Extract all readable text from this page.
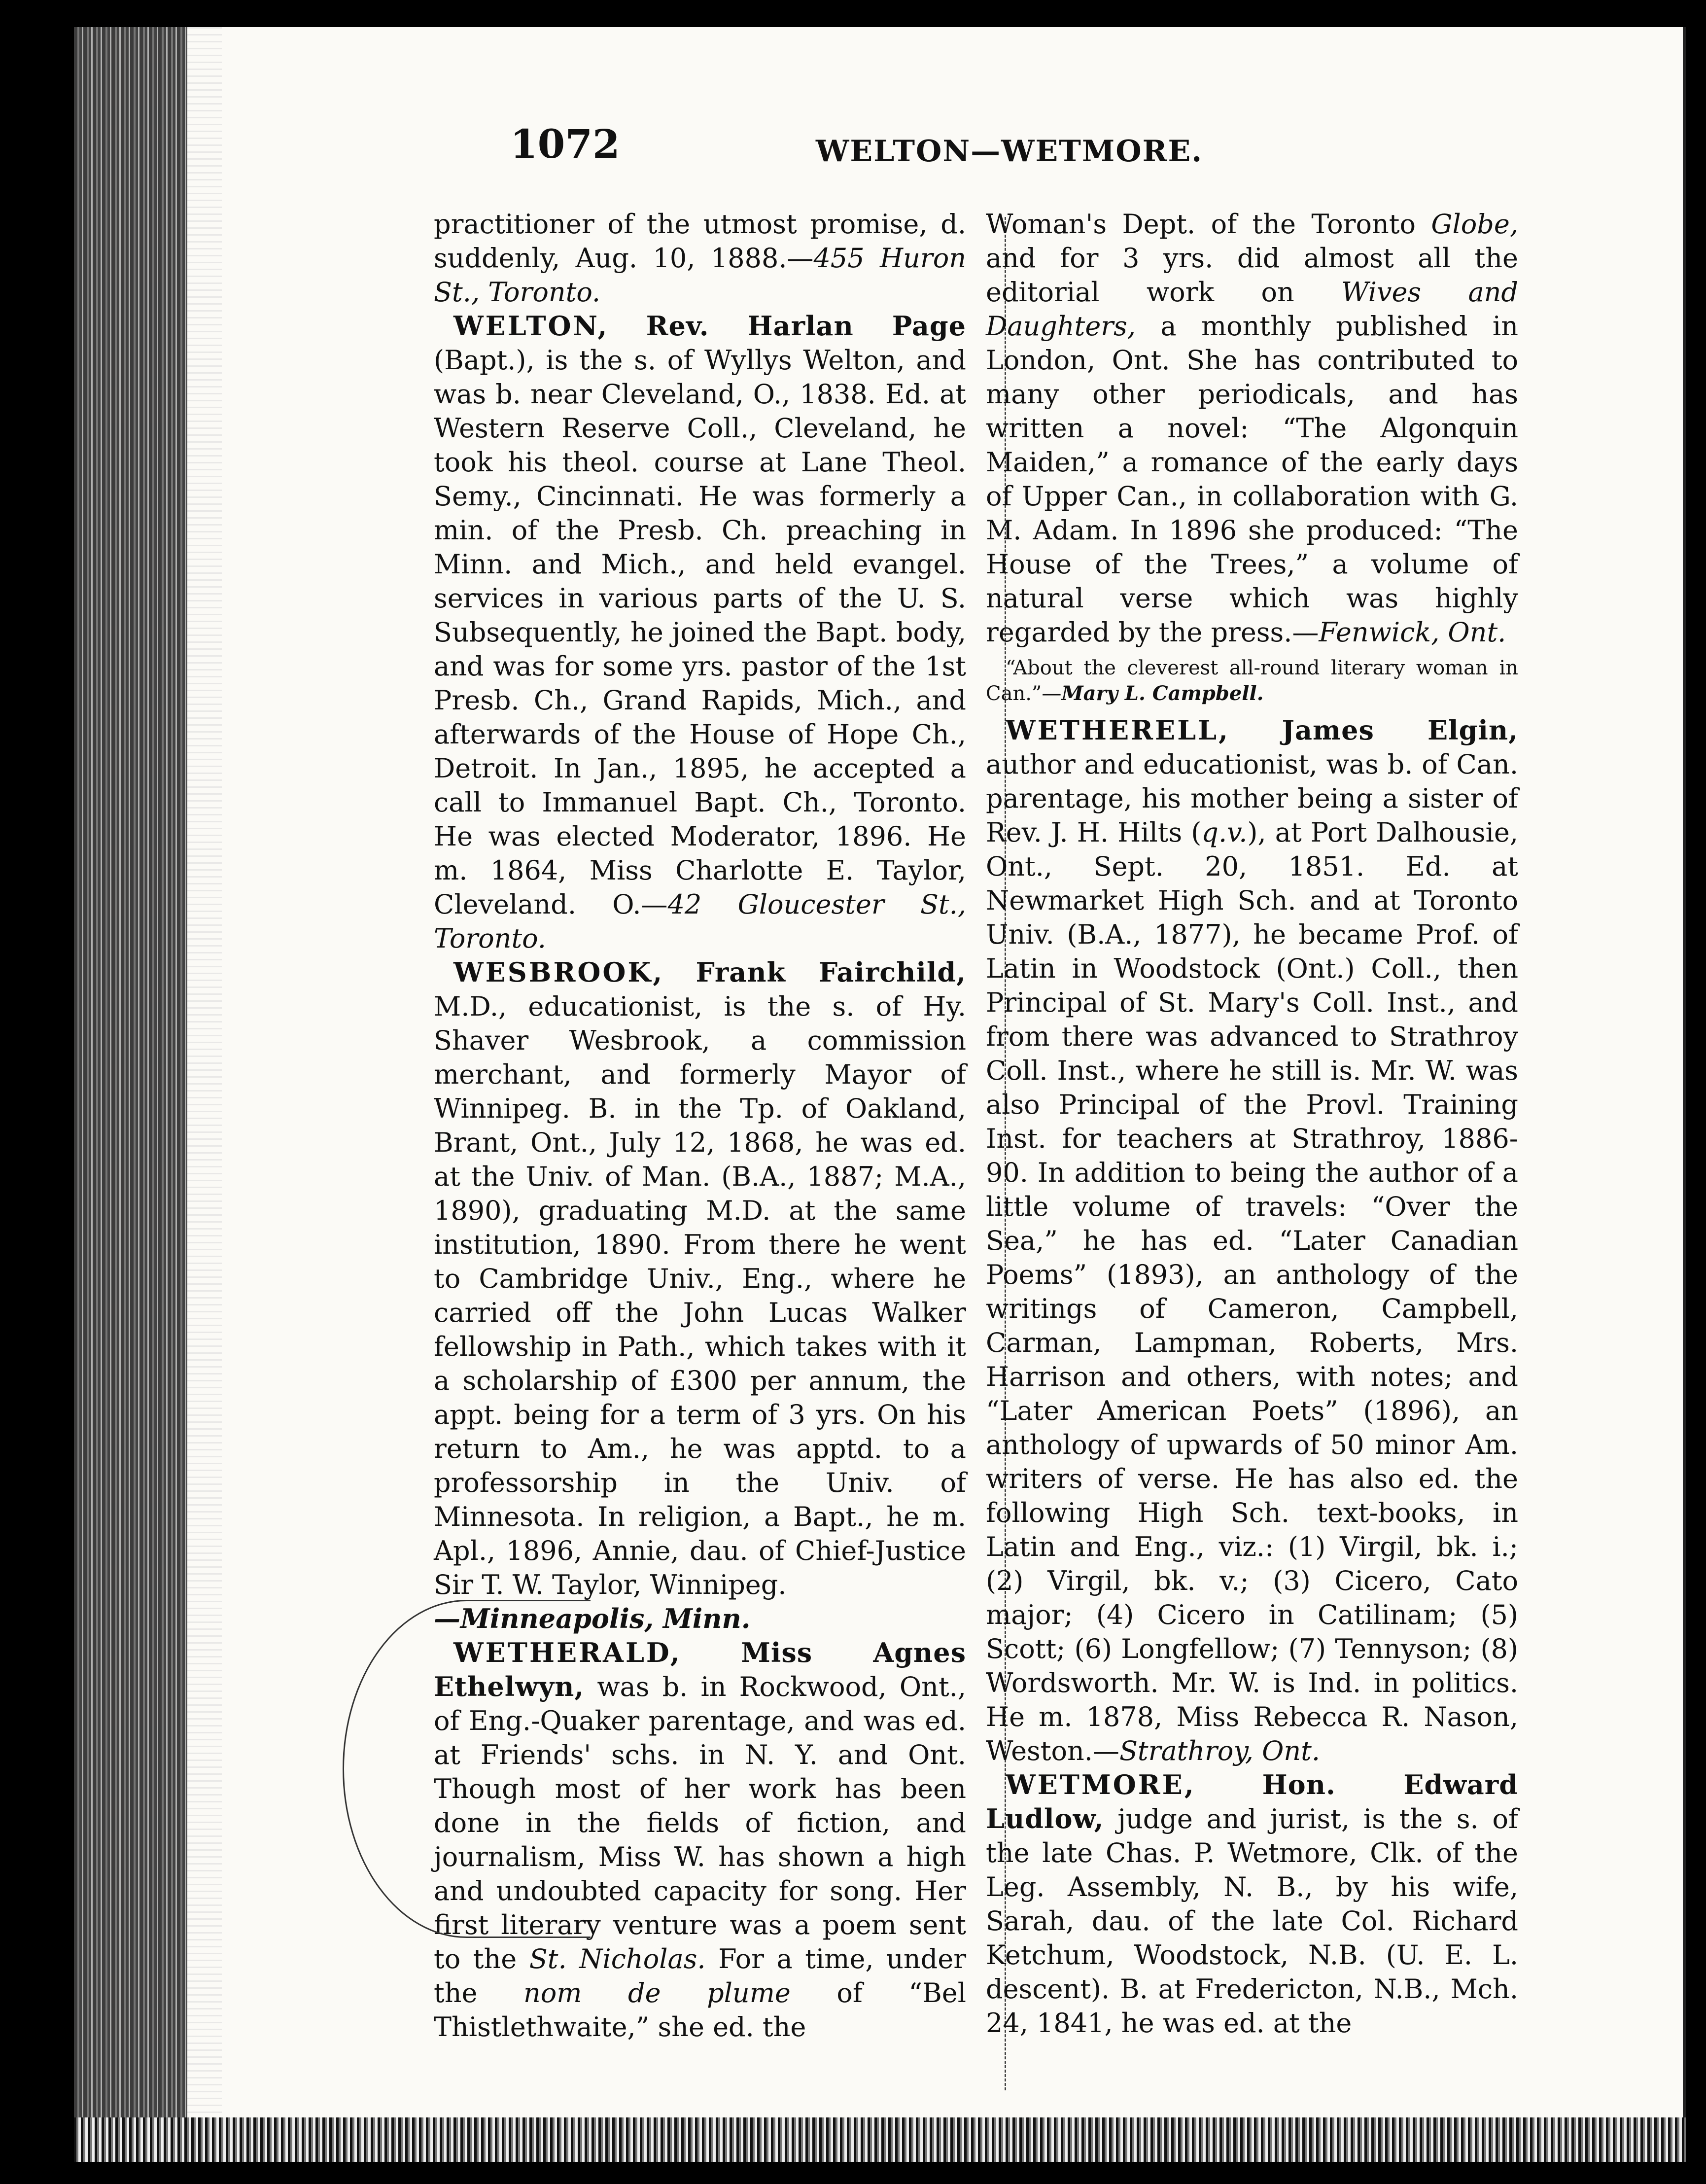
1072	WELTON—WETMORE.

practitioner of the utmost promise, d. suddenly, Aug. 10, 1888.—455 Huron St., Toronto.

WELTON, Rev. Harlan Page (Bapt.), is the s. of Wyllys Welton, and was b. near Cleveland, O., 1838. Ed. at Western Reserve Coll., Cleveland, he took his theol. course at Lane Theol. Semy., Cincinnati. He was formerly a min. of the Presb. Ch. preaching in Minn. and Mich., and held evangel. services in various parts of the U. S. Subsequently, he joined the Bapt. body, and was for some yrs. pastor of the 1st Presb. Ch., Grand Rapids, Mich., and afterwards of the House of Hope Ch., Detroit. In Jan., 1895, he accepted a call to Immanuel Bapt. Ch., Toronto. He was elected Moderator, 1896. He m. 1864, Miss Charlotte E. Taylor, Cleveland. O.—42 Gloucester St., Toronto.

WESBROOK, Frank Fairchild, M.D., educationist, is the s. of Hy. Shaver Wesbrook, a commission merchant, and formerly Mayor of Winnipeg. B. in the Tp. of Oakland, Brant, Ont., July 12, 1868, he was ed. at the Univ. of Man. (B.A., 1887; M.A., 1890), graduating M.D. at the same institution, 1890. From there he went to Cambridge Univ., Eng., where he carried off the John Lucas Walker fellowship in Path., which takes with it a scholarship of £300 per annum, the appt. being for a term of 3 yrs. On his return to Am., he was apptd. to a professorship in the Univ. of Minnesota. In religion, a Bapt., he m. Apl., 1896, Annie, dau. of Chief-Justice Sir T. W. Taylor, Winnipeg.
—Minneapolis, Minn.

WETHERALD, Miss Agnes Ethelwyn, was b. in Rockwood, Ont., of Eng.-Quaker parentage, and was ed. at Friends' schs. in N. Y. and Ont. Though most of her work has been done in the fields of fiction, and journalism, Miss W. has shown a high and undoubted capacity for song. Her first literary venture was a poem sent to the St. Nicholas. For a time, under the nom de plume of “Bel Thistlethwaite,” she ed. the

Woman's Dept. of the Toronto Globe, and for 3 yrs. did almost all the editorial work on Wives and Daughters, a monthly published in London, Ont. She has contributed to many other periodicals, and has written a novel: “The Algonquin Maiden,” a romance of the early days of Upper Can., in collaboration with G. M. Adam. In 1896 she produced: “The House of the Trees,” a volume of natural verse which was highly regarded by the press.—Fenwick, Ont.

“About the cleverest all-round literary woman in Can.”—Mary L. Campbell.

WETHERELL, James Elgin, author and educationist, was b. of Can. parentage, his mother being a sister of Rev. J. H. Hilts (q.v.), at Port Dalhousie, Ont., Sept. 20, 1851. Ed. at Newmarket High Sch. and at Toronto Univ. (B.A., 1877), he became Prof. of Latin in Woodstock (Ont.) Coll., then Principal of St. Mary's Coll. Inst., and from there was advanced to Strathroy Coll. Inst., where he still is. Mr. W. was also Principal of the Provl. Training Inst. for teachers at Strathroy, 1886-90. In addition to being the author of a little volume of travels: “Over the Sea,” he has ed. “Later Canadian Poems” (1893), an anthology of the writings of Cameron, Campbell, Carman, Lampman, Roberts, Mrs. Harrison and others, with notes; and “Later American Poets” (1896), an anthology of upwards of 50 minor Am. writers of verse. He has also ed. the following High Sch. text-books, in Latin and Eng., viz.: (1) Virgil, bk. i.; (2) Virgil, bk. v.; (3) Cicero, Cato major; (4) Cicero in Catilinam; (5) Scott; (6) Longfellow; (7) Tennyson; (8) Wordsworth. Mr. W. is Ind. in politics. He m. 1878, Miss Rebecca R. Nason, Weston.—Strathroy, Ont.

WETMORE,	Hon. Edward Ludlow, judge and jurist, is the s. of the late Chas. P. Wetmore, Clk. of the Leg. Assembly, N. B., by his wife, Sarah, dau. of the late Col. Richard Ketchum, Woodstock, N.B. (U. E. L. descent). B. at Fredericton, N.B., Mch. 24, 1841, he was ed. at the
